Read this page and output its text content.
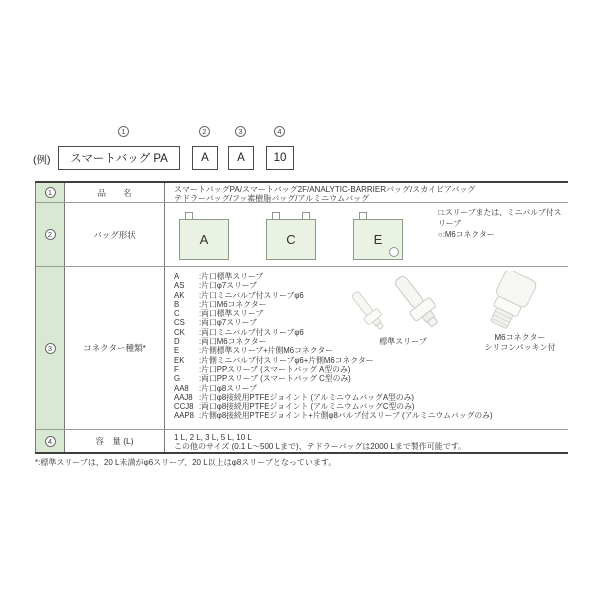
(例)
1	2	3	4
スマートバッグ PA	A	A	10
1	品　　名	スマートバッグPA/スマートバッグ2F/ANALYTIC-BARRIERバッグ/スカイビアバッグ
テドラーバッグ/フッ素樹脂バッグ/アルミニウムバッグ
2	バッグ形状	A	C	E
□:スリーブまたは、ミニバルブ付スリーブ
○:M6コネクター
3	コネクター種類*
A	:片口標準スリーブ
AS	:片口φ7スリーブ
AK	:片口ミニバルブ付スリーブφ6
B	:片口M6コネクター
C	:両口標準スリーブ
CS	:両口φ7スリーブ
CK	:両口ミニバルブ付スリーブφ6
D	:両口M6コネクター
E	:片側標準スリーブ+片側M6コネクター
EK	:片側ミニバルブ付スリーブφ6+片側M6コネクター
F	:片口PPスリーブ (スマートバッグ A型のみ)
G	:両口PPスリーブ (スマートバッグ C型のみ)
AA8	:片口φ8スリーブ
AAJ8 :片口φ8接続用PTFEジョイント (アルミニウムバッグA型のみ)
CCJ8 :両口φ8接続用PTFEジョイント (アルミニウムバッグC型のみ)
AAP8 :片側φ8接続用PTFEジョイント+片側φ8バルブ付スリーブ (アルミニウムバッグのみ)
標準スリーブ	M6コネクター
シリコンパッキン付
4	容　量 (L)	1 L, 2 L, 3 L, 5 L, 10 L
この他のサイズ (0.1 L〜500 Lまで)、テドラーバッグは2000 Lまで製作可能です。
*:標準スリーブは、20 L未満がφ6スリーブ、20 L以上はφ8スリーブとなっています。
